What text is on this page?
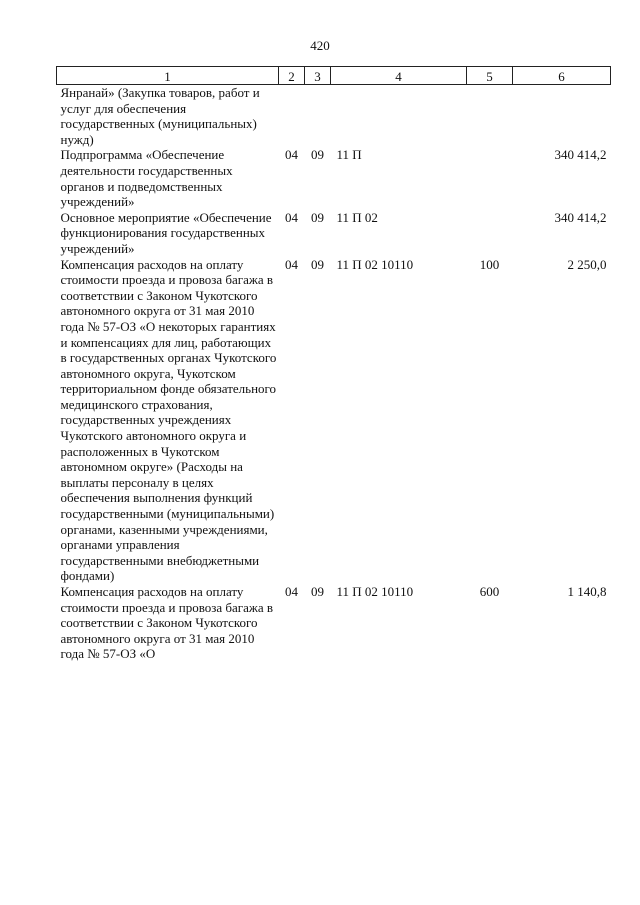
420
1	2	3	4	5	6
Янранай» (Закупка товаров, работ и услуг для обеспечения государственных (муниципальных) нужд)					
Подпрограмма «Обеспечение деятельности государственных органов и подведомственных учреждений»	04	09	11 П		340 414,2
Основное мероприятие «Обеспечение функционирования государственных учреждений»	04	09	11 П 02		340 414,2
Компенсация расходов на оплату стоимости проезда и провоза багажа в соответствии с Законом Чукотского автономного округа от 31 мая 2010 года № 57-ОЗ «О некоторых гарантиях и компенсациях для лиц, работающих в государственных органах Чукотского автономного округа, Чукотском территориальном фонде обязательного медицинского страхования, государственных учреждениях Чукотского автономного округа и расположенных в Чукотском автономном округе» (Расходы на выплаты персоналу в целях обеспечения выполнения функций государственными (муниципальными) органами, казенными учреждениями, органами управления государственными внебюджетными фондами)	04	09	11 П 02 10110	100	2 250,0
Компенсация расходов на оплату стоимости проезда и провоза багажа в соответствии с Законом Чукотского автономного округа от 31 мая 2010 года № 57-ОЗ «О	04	09	11 П 02 10110	600	1 140,8
